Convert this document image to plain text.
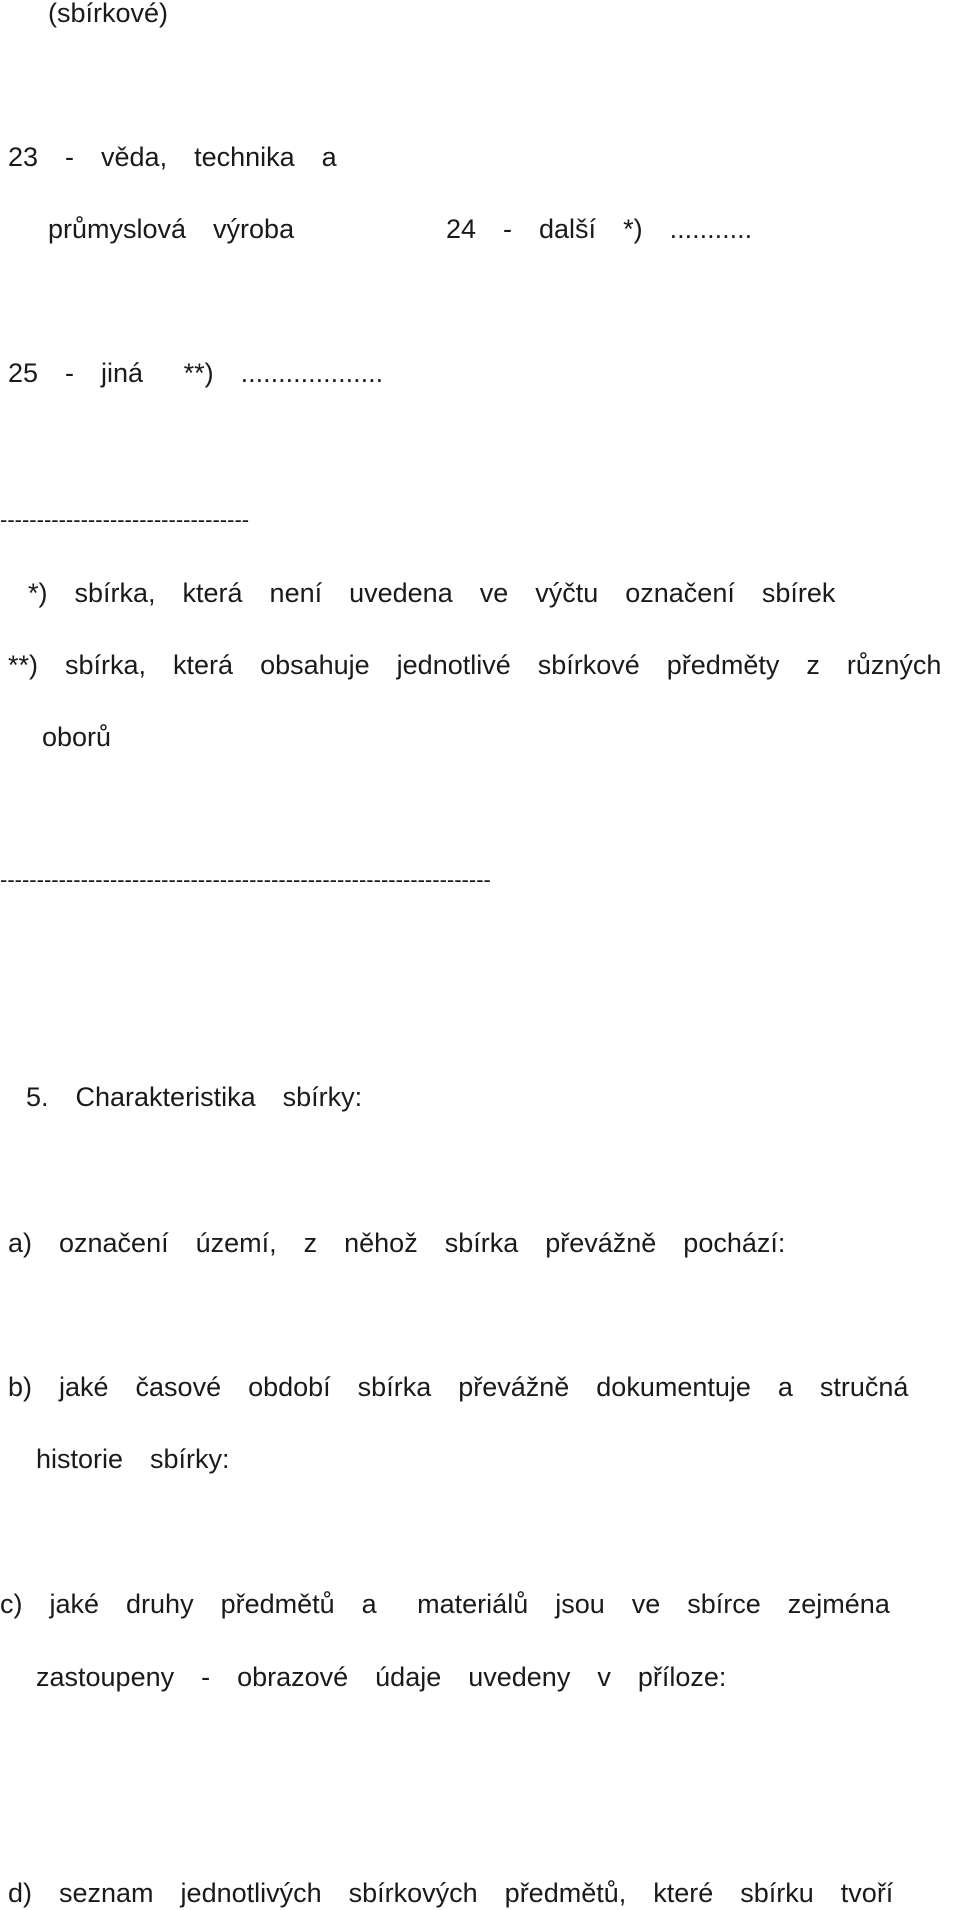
(sbírkové)
23  -  věda,  technika  a
průmyslová  výroba	24  -  další  *)  ...........
25  -  jiná   **)  ...................
----------------------------------
*)  sbírka,  která  není  uvedena  ve  výčtu  označení  sbírek
**)  sbírka,  která  obsahuje  jednotlivé  sbírkové  předměty  z  různých
oborů
-------------------------------------------------------------------
5.  Charakteristika  sbírky:
a)  označení  území,  z  něhož  sbírka  převážně  pochází:
b)  jaké  časové  období  sbírka  převážně  dokumentuje  a  stručná
historie  sbírky:
c)  jaké  druhy  předmětů  a   materiálů  jsou  ve  sbírce  zejména
zastoupeny  -  obrazové  údaje  uvedeny  v  příloze:
d)  seznam  jednotlivých  sbírkových  předmětů,  které  sbírku  tvoří
